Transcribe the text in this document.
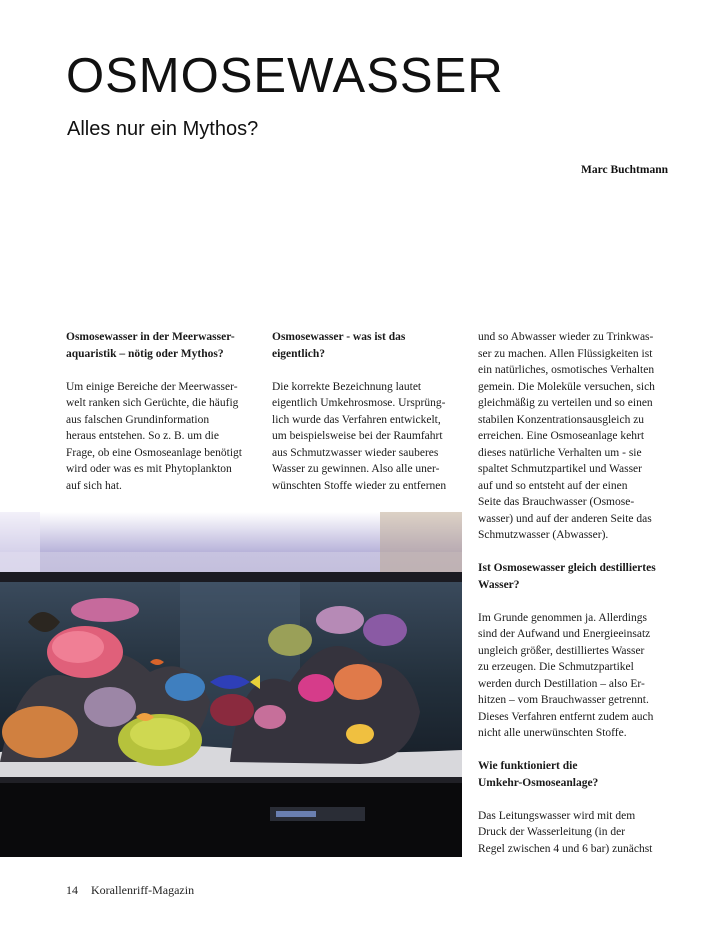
OSMOSEWASSER
Alles nur ein Mythos?
Marc Buchtmann
Osmosewasser in der Meerwasser-
aquaristik – nötig oder Mythos?

Um einige Bereiche der Meerwasser-
welt ranken sich Gerüchte, die häufig
aus falschen Grundinformation
heraus entstehen. So z. B. um die
Frage, ob eine Osmoseanlage benötigt
wird oder was es mit Phytoplankton
auf sich hat.

Osmosewasser - was ist das
eigentlich?

Die korrekte Bezeichnung lautet
eigentlich Umkehrosmose. Ursprüng-
lich wurde das Verfahren entwickelt,
um beispielsweise bei der Raumfahrt
aus Schmutzwasser wieder sauberes
Wasser zu gewinnen. Also alle uner-
wünschten Stoffe wieder zu entfernen

und so Abwasser wieder zu Trinkwas-
ser zu machen. Allen Flüssigkeiten ist
ein natürliches, osmotisches Verhalten
gemein. Die Moleküle versuchen, sich
gleichmäßig zu verteilen und so einen
stabilen Konzentrationsausgleich zu
erreichen. Eine Osmoseanlage kehrt
dieses natürliche Verhalten um - sie
spaltet Schmutzpartikel und Wasser
auf und so entsteht auf der einen
Seite das Brauchwasser (Osmose-
wasser) und auf der anderen Seite das
Schmutzwasser (Abwasser).

Ist Osmosewasser gleich destilliertes
Wasser?

Im Grunde genommen ja. Allerdings
sind der Aufwand und Energieeinsatz
ungleich größer, destilliertes Wasser
zu erzeugen. Die Schmutzpartikel
werden durch Destillation – also Er-
hitzen – vom Brauchwasser getrennt.
Dieses Verfahren entfernt zudem auch
nicht alle unerwünschten Stoffe.

Wie funktioniert die
Umkehr-Osmoseanlage?

Das Leitungswasser wird mit dem
Druck der Wasserleitung (in der
Regel zwischen 4 und 6 bar) zunächst

14 Korallenriff-Magazin
